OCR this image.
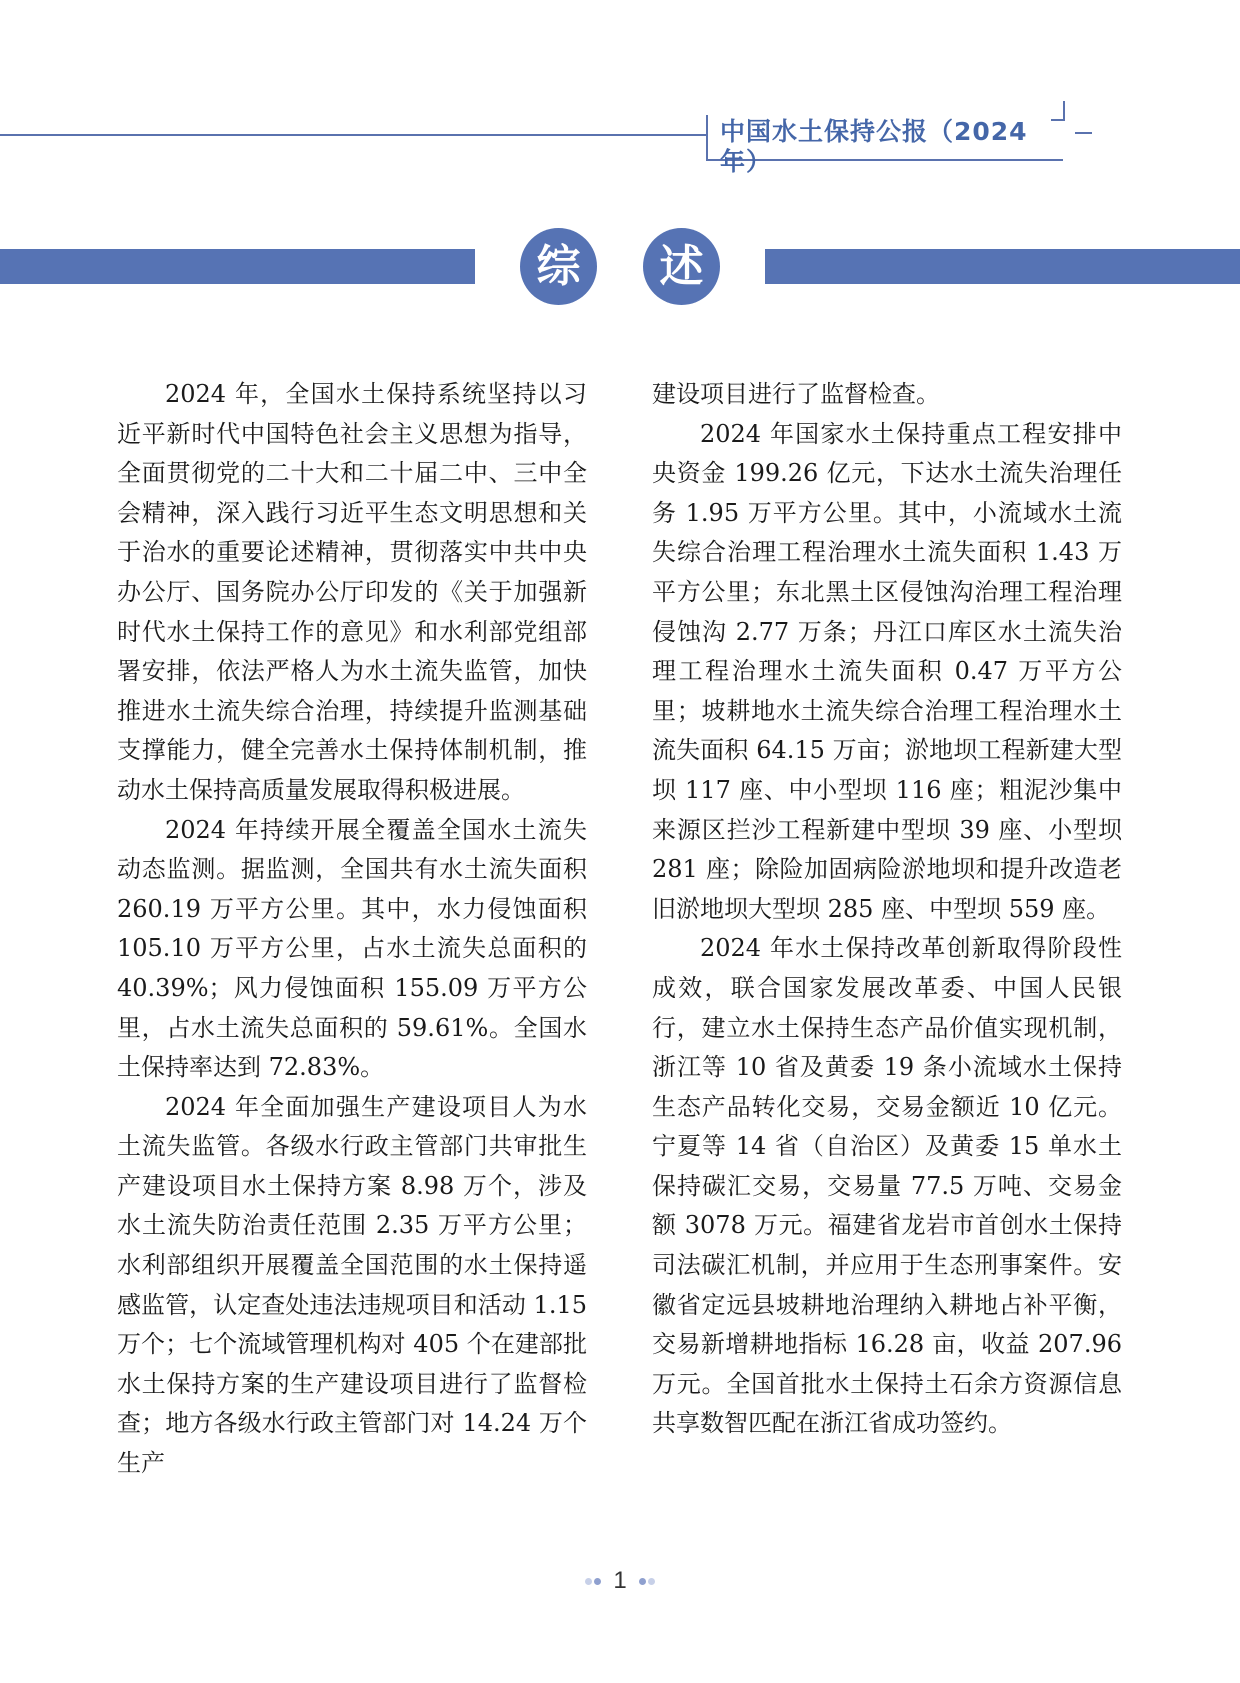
中国水土保持公报（2024 年）
综	述

2024 年，全国水土保持系统坚持以习近平新时代中国特色社会主义思想为指导，全面贯彻党的二十大和二十届二中、三中全会精神，深入践行习近平生态文明思想和关于治水的重要论述精神，贯彻落实中共中央办公厅、国务院办公厅印发的《关于加强新时代水土保持工作的意见》和水利部党组部署安排，依法严格人为水土流失监管，加快推进水土流失综合治理，持续提升监测基础支撑能力，健全完善水土保持体制机制，推动水土保持高质量发展取得积极进展。

2024 年持续开展全覆盖全国水土流失动态监测。据监测，全国共有水土流失面积 260.19 万平方公里。其中，水力侵蚀面积 105.10 万平方公里，占水土流失总面积的 40.39%；风力侵蚀面积 155.09 万平方公里，占水土流失总面积的 59.61%。全国水土保持率达到 72.83%。

2024 年全面加强生产建设项目人为水土流失监管。各级水行政主管部门共审批生产建设项目水土保持方案 8.98 万个，涉及水土流失防治责任范围 2.35 万平方公里；水利部组织开展覆盖全国范围的水土保持遥感监管，认定查处违法违规项目和活动 1.15 万个；七个流域管理机构对 405 个在建部批水土保持方案的生产建设项目进行了监督检查；地方各级水行政主管部门对 14.24 万个生产

建设项目进行了监督检查。

2024 年国家水土保持重点工程安排中央资金 199.26 亿元，下达水土流失治理任务 1.95 万平方公里。其中，小流域水土流失综合治理工程治理水土流失面积 1.43 万平方公里；东北黑土区侵蚀沟治理工程治理侵蚀沟 2.77 万条；丹江口库区水土流失治理工程治理水土流失面积 0.47 万平方公里；坡耕地水土流失综合治理工程治理水土流失面积 64.15 万亩；淤地坝工程新建大型坝 117 座、中小型坝 116 座；粗泥沙集中来源区拦沙工程新建中型坝 39 座、小型坝 281 座；除险加固病险淤地坝和提升改造老旧淤地坝大型坝 285 座、中型坝 559 座。

2024 年水土保持改革创新取得阶段性成效，联合国家发展改革委、中国人民银行，建立水土保持生态产品价值实现机制，浙江等 10 省及黄委 19 条小流域水土保持生态产品转化交易，交易金额近 10 亿元。宁夏等 14 省（自治区）及黄委 15 单水土保持碳汇交易，交易量 77.5 万吨、交易金额 3078 万元。福建省龙岩市首创水土保持司法碳汇机制，并应用于生态刑事案件。安徽省定远县坡耕地治理纳入耕地占补平衡，交易新增耕地指标 16.28 亩，收益 207.96 万元。全国首批水土保持土石余方资源信息共享数智匹配在浙江省成功签约。

1
